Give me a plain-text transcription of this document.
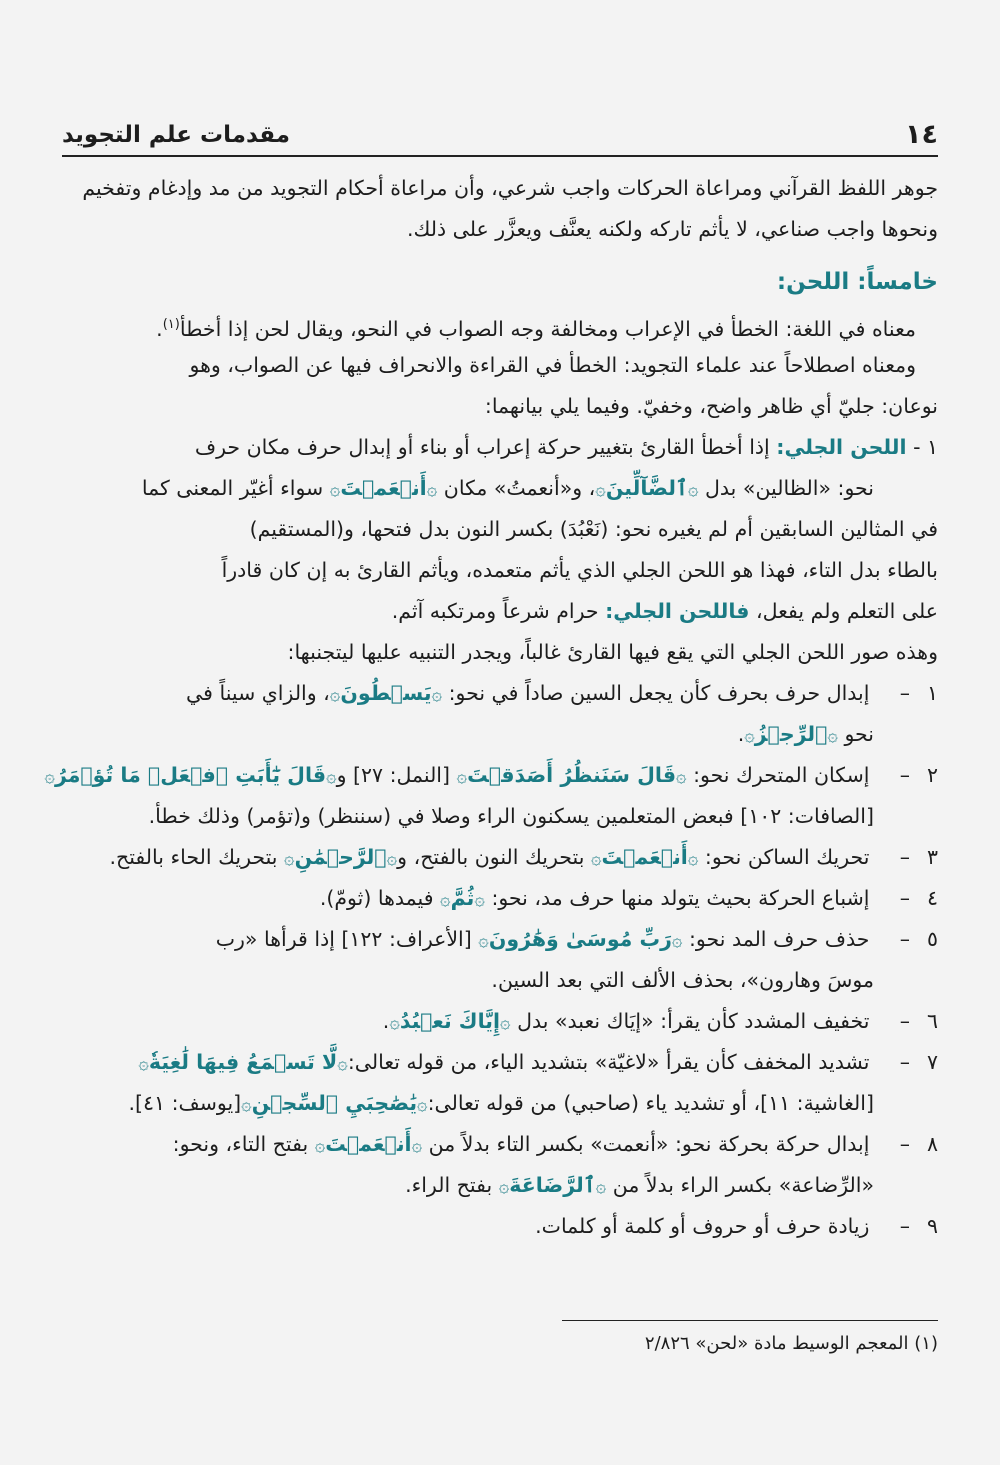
١٤
مقدمات علم التجويد
جوهر اللفظ القرآني ومراعاة الحركات واجب شرعي، وأن مراعاة أحكام التجويد من مد وإدغام وتفخيم
ونحوها واجب صناعي، لا يأثم تاركه ولكنه يعنَّف ويعزَّر على ذلك.
خامساً: اللحن:
معناه في اللغة: الخطأ في الإعراب ومخالفة وجه الصواب في النحو، ويقال لحن إذا أخطأ$^{(١)}$.
ومعناه اصطلاحاً عند علماء التجويد: الخطأ في القراءة والانحراف فيها عن الصواب، وهو
نوعان: جليّ أي ظاهر واضح، وخفيّ. وفيما يلي بيانهما:
١ - اللحن الجلي: إذا أخطأ القارئ بتغيير حركة إعراب أو بناء أو إبدال حرف مكان حرف
نحو: «الظالين» بدل ۞ٱلضَّآلِّينَ۞، و«أنعمتُ» مكان ۞أَنۡعَمۡتَ۞ سواء أغيّر المعنى كما
في المثالين السابقين أم لم يغيره نحو: (نَعْبُدَ) بكسر النون بدل فتحها، و(المستقيم)
بالطاء بدل التاء، فهذا هو اللحن الجلي الذي يأثم متعمده، ويأثم القارئ به إن كان قادراً
على التعلم ولم يفعل، فاللحن الجلي: حرام شرعاً ومرتكبه آثم.
وهذه صور اللحن الجلي التي يقع فيها القارئ غالباً، ويجدر التنبيه عليها ليتجنبها:
١– إبدال حرف بحرف كأن يجعل السين صاداً في نحو: ۞يَسۡطُونَ۞، والزاي سيناً في
نحو ۞ٱلرِّجۡزُ۞.
٢– إسكان المتحرك نحو: ۞قَالَ سَنَنظُرُ أَصَدَقۡتَ۞ [النمل: ٢٧] و۞قَالَ يَٰٓأَبَتِ ٱفۡعَلۡ مَا تُؤۡمَرُ۞
[الصافات: ١٠٢] فبعض المتعلمين يسكنون الراء وصلا في (سننظر) و(تؤمر) وذلك خطأ.
٣– تحريك الساكن نحو: ۞أَنۡعَمۡتَ۞ بتحريك النون بالفتح، و۞ٱلرَّحۡمَٰنِ۞ بتحريك الحاء بالفتح.
٤– إشباع الحركة بحيث يتولد منها حرف مد، نحو: ۞ثُمَّ۞ فيمدها (ثومّ).
٥– حذف حرف المد نحو: ۞رَبِّ مُوسَىٰ وَهَٰرُونَ۞ [الأعراف: ١٢٢] إذا قرأها «رب
موسَ وهارون»، بحذف الألف التي بعد السين.
٦– تخفيف المشدد كأن يقرأ: «إيَاك نعبد» بدل ۞إِيَّاكَ نَعۡبُدُ۞.
٧– تشديد المخفف كأن يقرأ «لاغيّة» بتشديد الياء، من قوله تعالى:۞لَّا تَسۡمَعُ فِيهَا لَٰغِيَةٗ۞
[الغاشية: ١١]، أو تشديد ياء (صاحبي) من قوله تعالى:۞يَٰصَٰحِبَيِ ٱلسِّجۡنِ۞[يوسف: ٤١].
٨– إبدال حركة بحركة نحو: «أنعمت» بكسر التاء بدلاً من ۞أَنۡعَمۡتَ۞ بفتح التاء، ونحو:
«الرِّضاعة» بكسر الراء بدلاً من ۞ٱلرَّضَاعَةَ۞ بفتح الراء.
٩– زيادة حرف أو حروف أو كلمة أو كلمات.
(١) المعجم الوسيط مادة «لحن» ٢/٨٢٦
